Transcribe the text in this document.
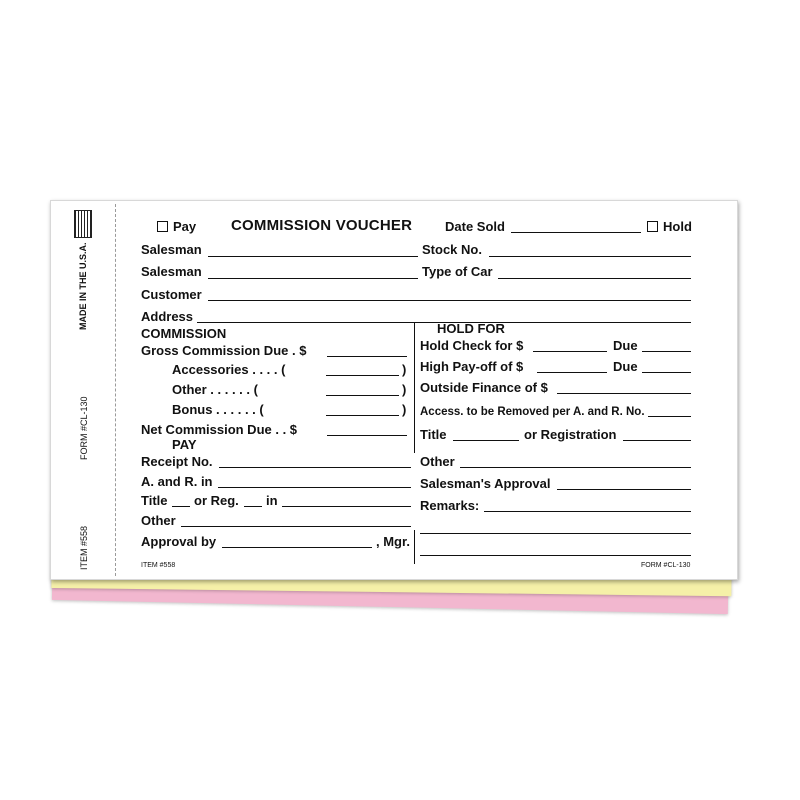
MADE IN THE U.S.A.
FORM #CL-130
ITEM #558
Pay COMMISSION VOUCHER	Date Sold	Hold
Salesman	Stock No.
Salesman	Type of Car
Customer
Address
COMMISSION
Gross Commission Due . $
Accessories . . . . (	)
Other . . . . . . (	)
Bonus . . . . . . (	)
Net Commission Due . . $
PAY
Receipt No.
A. and R. in
Title or Reg. in
Other
Approval by	, Mgr.
ITEM #558
HOLD FOR
Hold Check for $	Due
High Pay-off of $	Due
Outside Finance of $
Access. to be Removed per A. and R. No.
Title	or Registration
Other
Salesman's Approval
Remarks:
FORM #CL-130
